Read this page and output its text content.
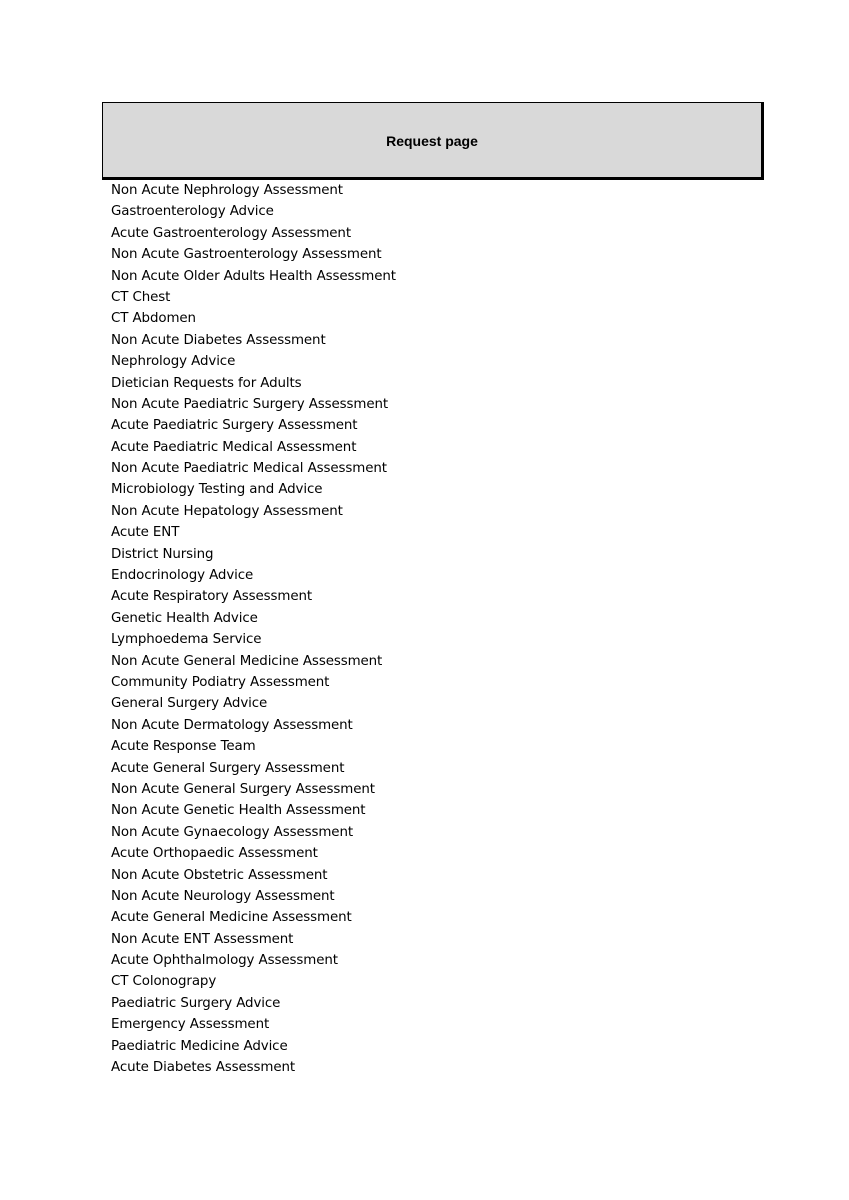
Request page
Non Acute Nephrology Assessment
Gastroenterology Advice
Acute Gastroenterology Assessment
Non Acute Gastroenterology Assessment
Non Acute Older Adults Health Assessment
CT Chest
CT Abdomen
Non Acute Diabetes Assessment
Nephrology Advice
Dietician Requests for Adults
Non Acute Paediatric Surgery Assessment
Acute Paediatric Surgery Assessment
Acute Paediatric Medical Assessment
Non Acute Paediatric Medical Assessment
Microbiology Testing and Advice
Non Acute Hepatology Assessment
Acute ENT
District Nursing
Endocrinology Advice
Acute Respiratory Assessment
Genetic Health Advice
Lymphoedema Service
Non Acute General Medicine Assessment
Community Podiatry Assessment
General Surgery Advice
Non Acute Dermatology Assessment
Acute Response Team
Acute General Surgery Assessment
Non Acute General Surgery Assessment
Non Acute Genetic Health Assessment
Non Acute Gynaecology Assessment
Acute Orthopaedic Assessment
Non Acute Obstetric Assessment
Non Acute Neurology Assessment
Acute General Medicine Assessment
Non Acute ENT Assessment
Acute Ophthalmology Assessment
CT Colonograpy
Paediatric Surgery Advice
Emergency Assessment
Paediatric Medicine Advice
Acute Diabetes Assessment
